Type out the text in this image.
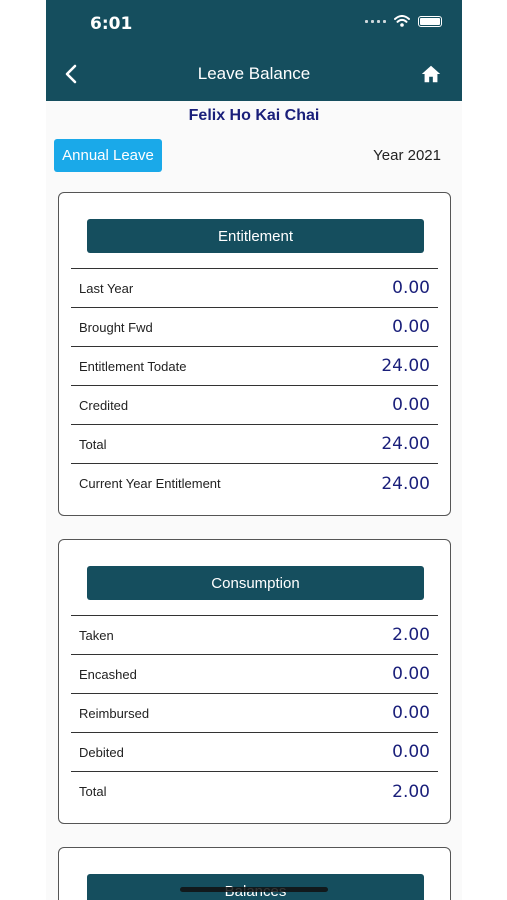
6:01
Leave Balance
Felix Ho Kai Chai
Annual Leave	Year 2021
Entitlement
Last Year	0.00
Brought Fwd	0.00
Entitlement Todate	24.00
Credited	0.00
Total	24.00
Current Year Entitlement	24.00
Consumption
Taken	2.00
Encashed	0.00
Reimbursed	0.00
Debited	0.00
Total	2.00
